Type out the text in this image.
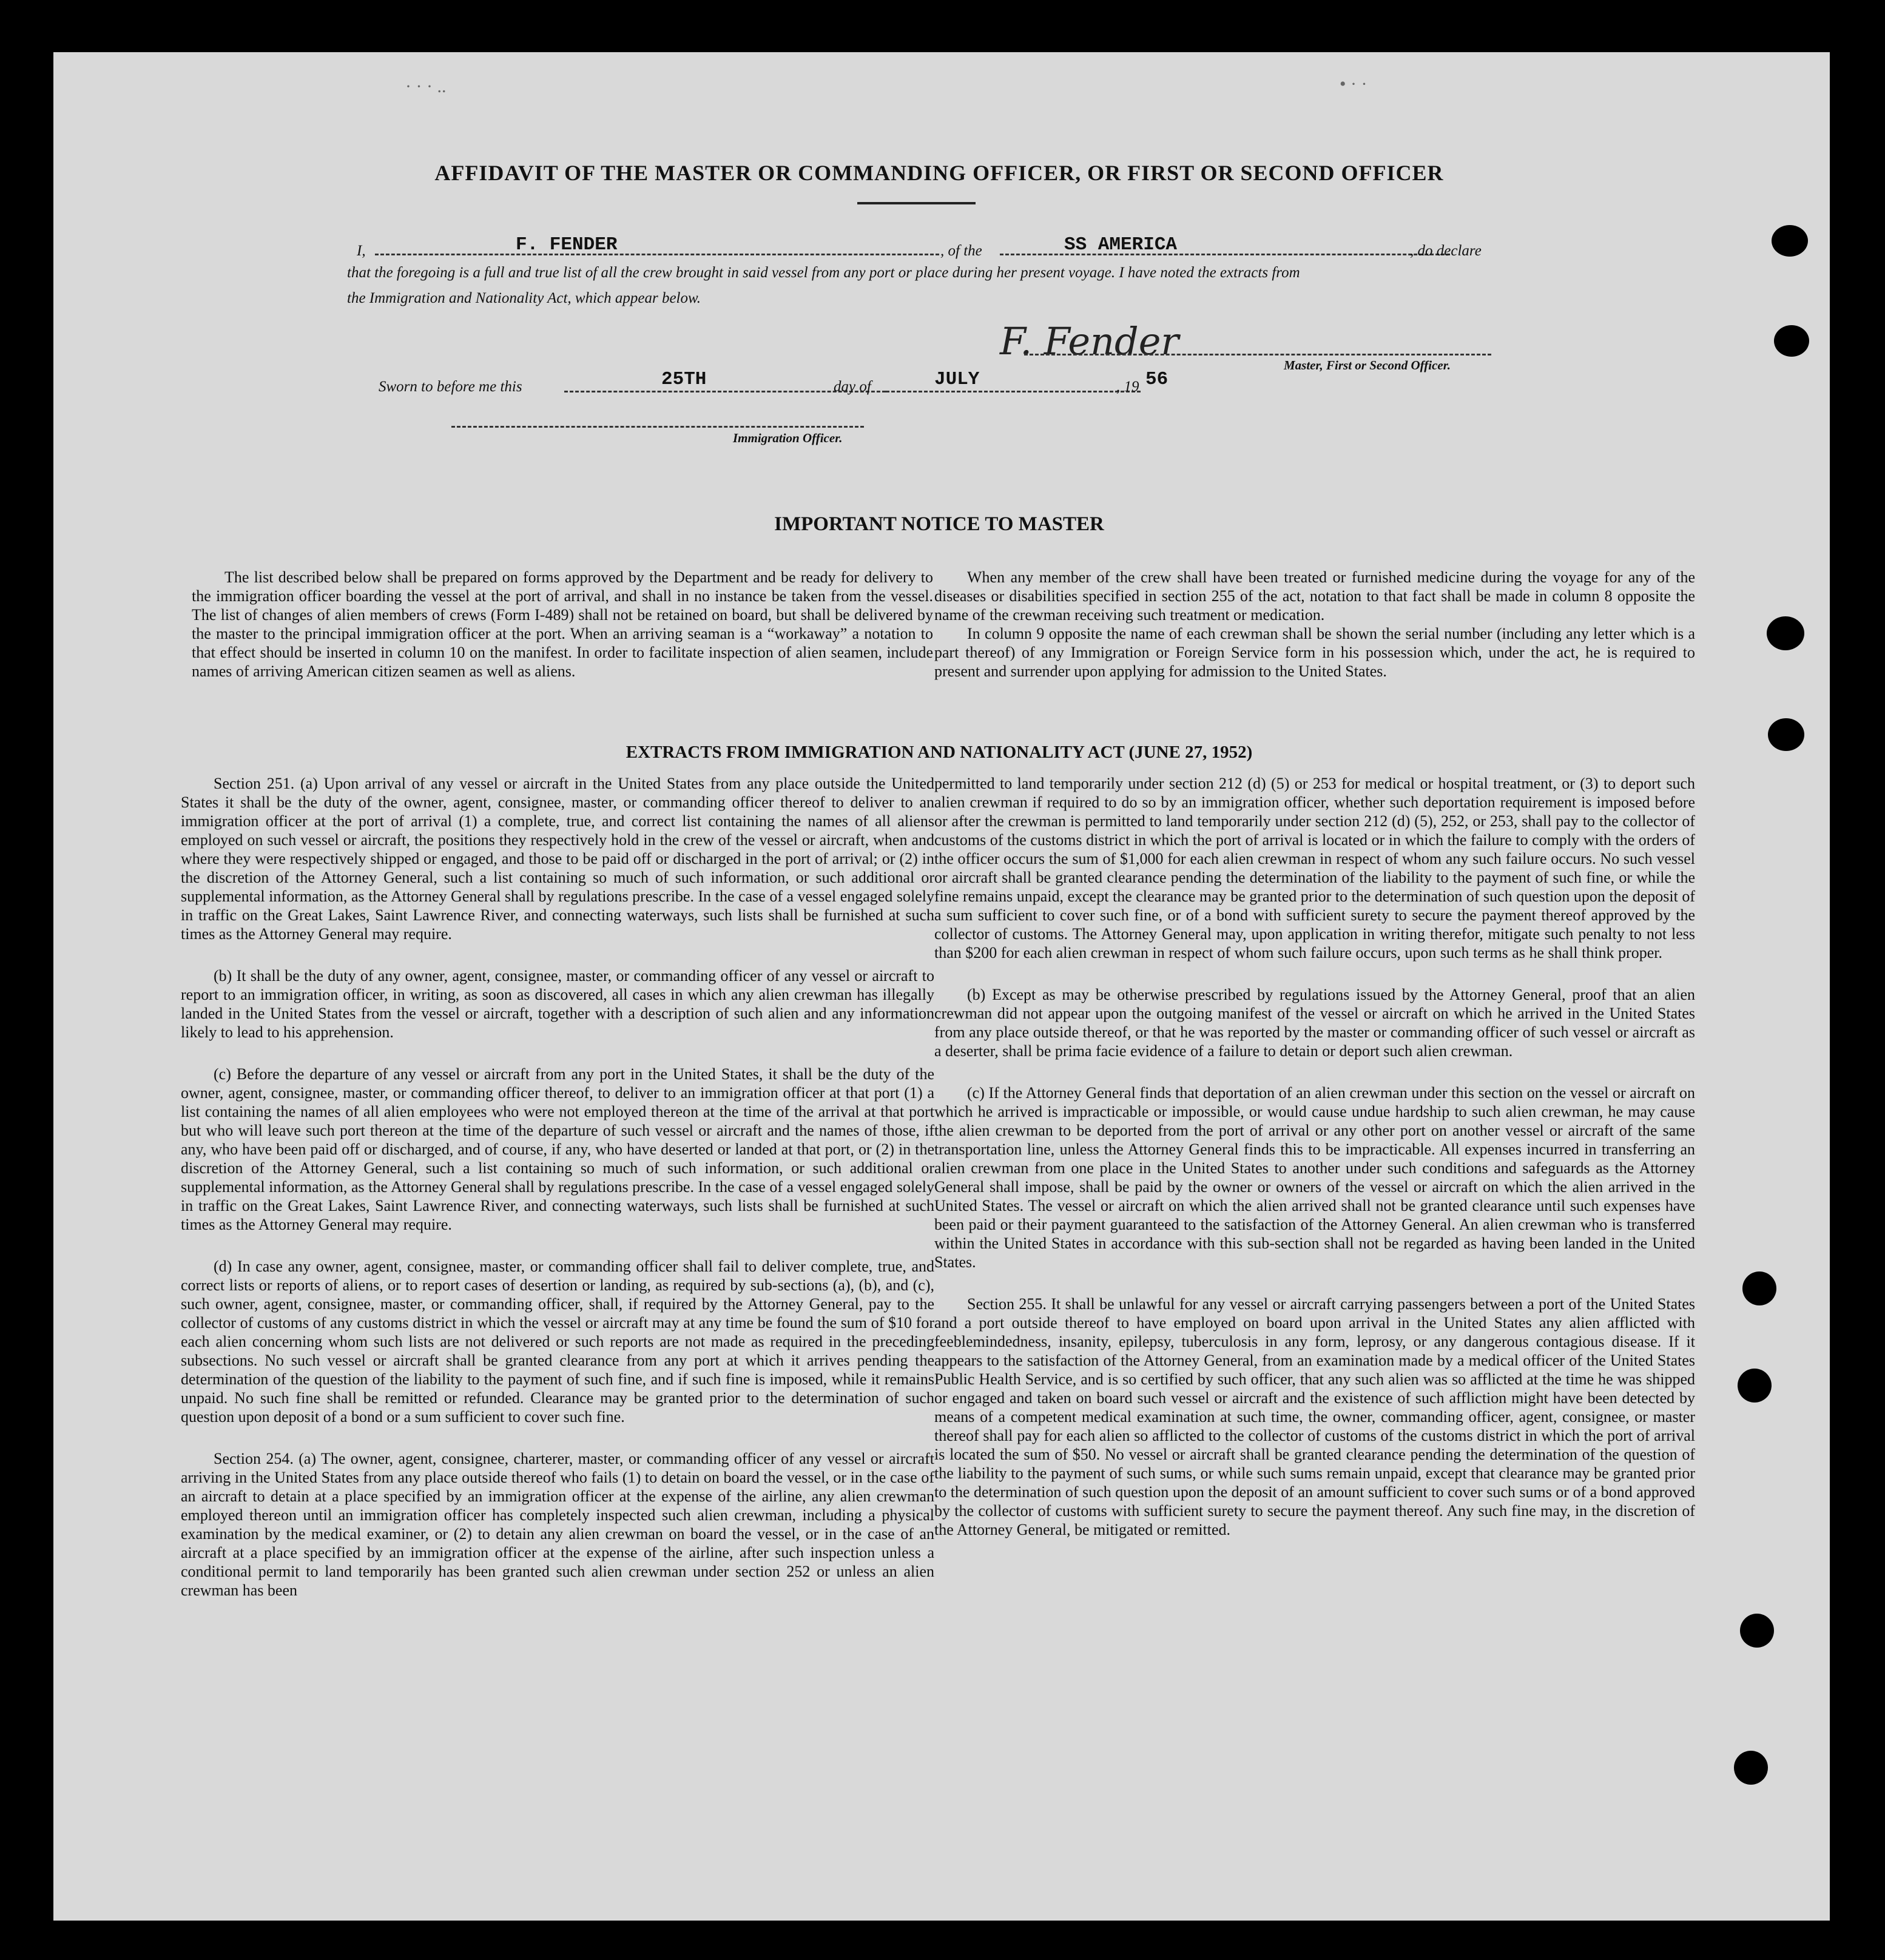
AFFIDAVIT OF THE MASTER OR COMMANDING OFFICER, OR FIRST OR SECOND OFFICER
I,	F. FENDER	, of the	SS AMERICA	, do declare
that the foregoing is a full and true list of all the crew brought in said vessel from any port or place during her present voyage. I have noted the extracts from
the Immigration and Nationality Act, which appear below.
F. Fender
Master, First or Second Officer.
Sworn to before me this	25TH	day of	JULY	, 19 56
Immigration Officer.
IMPORTANT NOTICE TO MASTER

The list described below shall be prepared on forms approved by the Department and be ready for delivery to the immigration officer boarding the vessel at the port of arrival, and shall in no instance be taken from the vessel. The list of changes of alien members of crews (Form I-489) shall not be retained on board, but shall be delivered by the master to the principal immigration officer at the port. When an arriving seaman is a “workaway” a notation to that effect should be inserted in column 10 on the manifest. In order to facilitate inspection of alien seamen, include names of arriving American citizen seamen as well as aliens.

When any member of the crew shall have been treated or furnished medicine during the voyage for any of the diseases or disabilities specified in section 255 of the act, notation to that fact shall be made in column 8 opposite the name of the crewman receiving such treatment or medication.

In column 9 opposite the name of each crewman shall be shown the serial number (including any letter which is a part thereof) of any Immigration or Foreign Service form in his possession which, under the act, he is required to present and surrender upon applying for admission to the United States.

EXTRACTS FROM IMMIGRATION AND NATIONALITY ACT (JUNE 27, 1952)

Section 251. (a) Upon arrival of any vessel or aircraft in the United States from any place outside the United States it shall be the duty of the owner, agent, consignee, master, or commanding officer thereof to deliver to an immigration officer at the port of arrival (1) a complete, true, and correct list containing the names of all aliens employed on such vessel or aircraft, the positions they respectively hold in the crew of the vessel or aircraft, when and where they were respectively shipped or engaged, and those to be paid off or discharged in the port of arrival; or (2) in the discretion of the Attorney General, such a list containing so much of such information, or such additional or supplemental information, as the Attorney General shall by regulations prescribe. In the case of a vessel engaged solely in traffic on the Great Lakes, Saint Lawrence River, and connecting waterways, such lists shall be furnished at such times as the Attorney General may require.

(b) It shall be the duty of any owner, agent, consignee, master, or commanding officer of any vessel or aircraft to report to an immigration officer, in writing, as soon as discovered, all cases in which any alien crewman has illegally landed in the United States from the vessel or aircraft, together with a description of such alien and any information likely to lead to his apprehension.

(c) Before the departure of any vessel or aircraft from any port in the United States, it shall be the duty of the owner, agent, consignee, master, or commanding officer thereof, to deliver to an immigration officer at that port (1) a list containing the names of all alien employees who were not employed thereon at the time of the arrival at that port but who will leave such port thereon at the time of the departure of such vessel or aircraft and the names of those, if any, who have been paid off or discharged, and of course, if any, who have deserted or landed at that port, or (2) in the discretion of the Attorney General, such a list containing so much of such information, or such additional or supplemental information, as the Attorney General shall by regulations prescribe. In the case of a vessel engaged solely in traffic on the Great Lakes, Saint Lawrence River, and connecting waterways, such lists shall be furnished at such times as the Attorney General may require.

(d) In case any owner, agent, consignee, master, or commanding officer shall fail to deliver complete, true, and correct lists or reports of aliens, or to report cases of desertion or landing, as required by sub-sections (a), (b), and (c), such owner, agent, consignee, master, or commanding officer, shall, if required by the Attorney General, pay to the collector of customs of any customs district in which the vessel or aircraft may at any time be found the sum of $10 for each alien concerning whom such lists are not delivered or such reports are not made as required in the preceding subsections. No such vessel or aircraft shall be granted clearance from any port at which it arrives pending the determination of the question of the liability to the payment of such fine, and if such fine is imposed, while it remains unpaid. No such fine shall be remitted or refunded. Clearance may be granted prior to the determination of such question upon deposit of a bond or a sum sufficient to cover such fine.

Section 254. (a) The owner, agent, consignee, charterer, master, or commanding officer of any vessel or aircraft arriving in the United States from any place outside thereof who fails (1) to detain on board the vessel, or in the case of an aircraft to detain at a place specified by an immigration officer at the expense of the airline, any alien crewman employed thereon until an immigration officer has completely inspected such alien crewman, including a physical examination by the medical examiner, or (2) to detain any alien crewman on board the vessel, or in the case of an aircraft at a place specified by an immigration officer at the expense of the airline, after such inspection unless a conditional permit to land temporarily has been granted such alien crewman under section 252 or unless an alien crewman has been

permitted to land temporarily under section 212 (d) (5) or 253 for medical or hospital treatment, or (3) to deport such alien crewman if required to do so by an immigration officer, whether such deportation requirement is imposed before or after the crewman is permitted to land temporarily under section 212 (d) (5), 252, or 253, shall pay to the collector of customs of the customs district in which the port of arrival is located or in which the failure to comply with the orders of the officer occurs the sum of $1,000 for each alien crewman in respect of whom any such failure occurs. No such vessel or aircraft shall be granted clearance pending the determination of the liability to the payment of such fine, or while the fine remains unpaid, except the clearance may be granted prior to the determination of such question upon the deposit of a sum sufficient to cover such fine, or of a bond with sufficient surety to secure the payment thereof approved by the collector of customs. The Attorney General may, upon application in writing therefor, mitigate such penalty to not less than $200 for each alien crewman in respect of whom such failure occurs, upon such terms as he shall think proper.

(b) Except as may be otherwise prescribed by regulations issued by the Attorney General, proof that an alien crewman did not appear upon the outgoing manifest of the vessel or aircraft on which he arrived in the United States from any place outside thereof, or that he was reported by the master or commanding officer of such vessel or aircraft as a deserter, shall be prima facie evidence of a failure to detain or deport such alien crewman.

(c) If the Attorney General finds that deportation of an alien crewman under this section on the vessel or aircraft on which he arrived is impracticable or impossible, or would cause undue hardship to such alien crewman, he may cause the alien crewman to be deported from the port of arrival or any other port on another vessel or aircraft of the same transportation line, unless the Attorney General finds this to be impracticable. All expenses incurred in transferring an alien crewman from one place in the United States to another under such conditions and safeguards as the Attorney General shall impose, shall be paid by the owner or owners of the vessel or aircraft on which the alien arrived in the United States. The vessel or aircraft on which the alien arrived shall not be granted clearance until such expenses have been paid or their payment guaranteed to the satisfaction of the Attorney General. An alien crewman who is transferred within the United States in accordance with this sub-section shall not be regarded as having been landed in the United States.

Section 255. It shall be unlawful for any vessel or aircraft carrying passengers between a port of the United States and a port outside thereof to have employed on board upon arrival in the United States any alien afflicted with feeblemindedness, insanity, epilepsy, tuberculosis in any form, leprosy, or any dangerous contagious disease. If it appears to the satisfaction of the Attorney General, from an examination made by a medical officer of the United States Public Health Service, and is so certified by such officer, that any such alien was so afflicted at the time he was shipped or engaged and taken on board such vessel or aircraft and the existence of such affliction might have been detected by means of a competent medical examination at such time, the owner, commanding officer, agent, consignee, or master thereof shall pay for each alien so afflicted to the collector of customs of the customs district in which the port of arrival is located the sum of $50. No vessel or aircraft shall be granted clearance pending the determination of the question of the liability to the payment of such sums, or while such sums remain unpaid, except that clearance may be granted prior to the determination of such question upon the deposit of an amount sufficient to cover such sums or of a bond approved by the collector of customs with sufficient surety to secure the payment thereof. Any such fine may, in the discretion of the Attorney General, be mitigated or remitted.

· · · ..	• · ·
